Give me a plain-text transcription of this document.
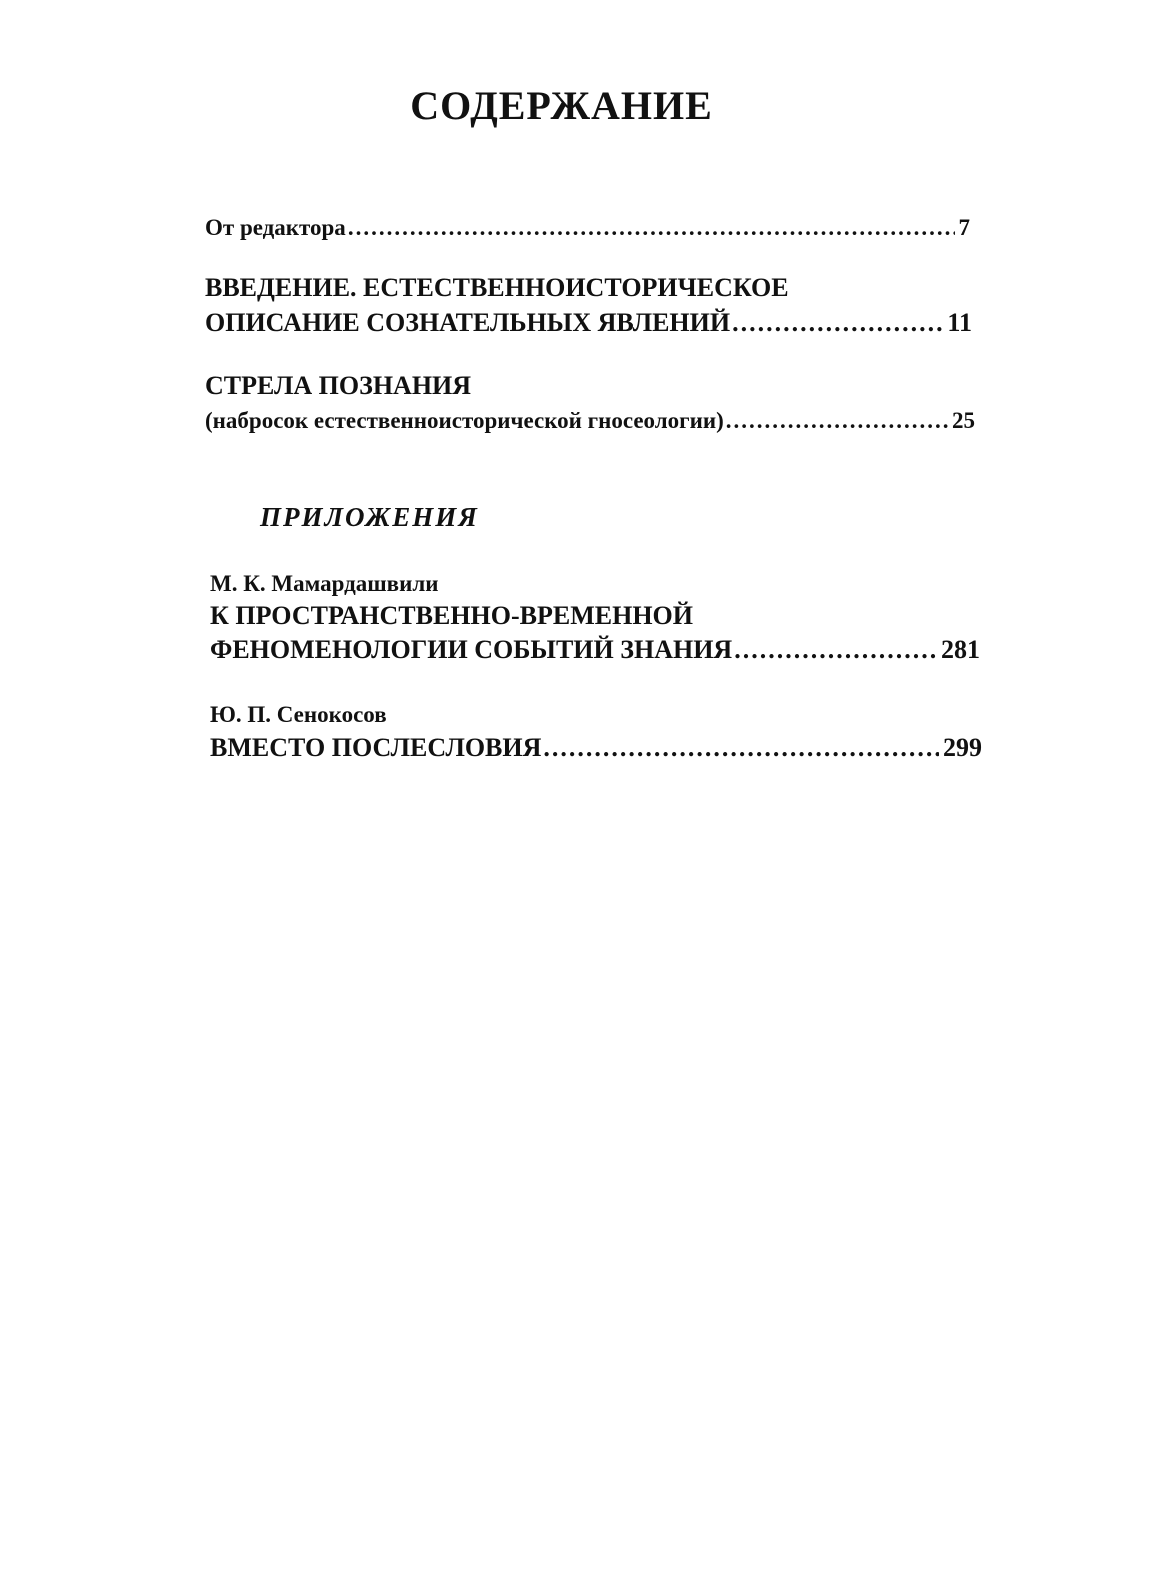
СОДЕРЖАНИЕ
От редактора .....	7
ВВЕДЕНИЕ. ЕСТЕСТВЕННОИСТОРИЧЕСКОЕ
ОПИСАНИЕ СОЗНАТЕЛЬНЫХ ЯВЛЕНИЙ .....	11
СТРЕЛА ПОЗНАНИЯ
(набросок естественноисторической гносеологии) .....	25
ПРИЛОЖЕНИЯ
М. К. Мамардашвили
К ПРОСТРАНСТВЕННО-ВРЕМЕННОЙ
ФЕНОМЕНОЛОГИИ СОБЫТИЙ ЗНАНИЯ .....	281
Ю. П. Сенокосов
ВМЕСТО ПОСЛЕСЛОВИЯ .....	299
